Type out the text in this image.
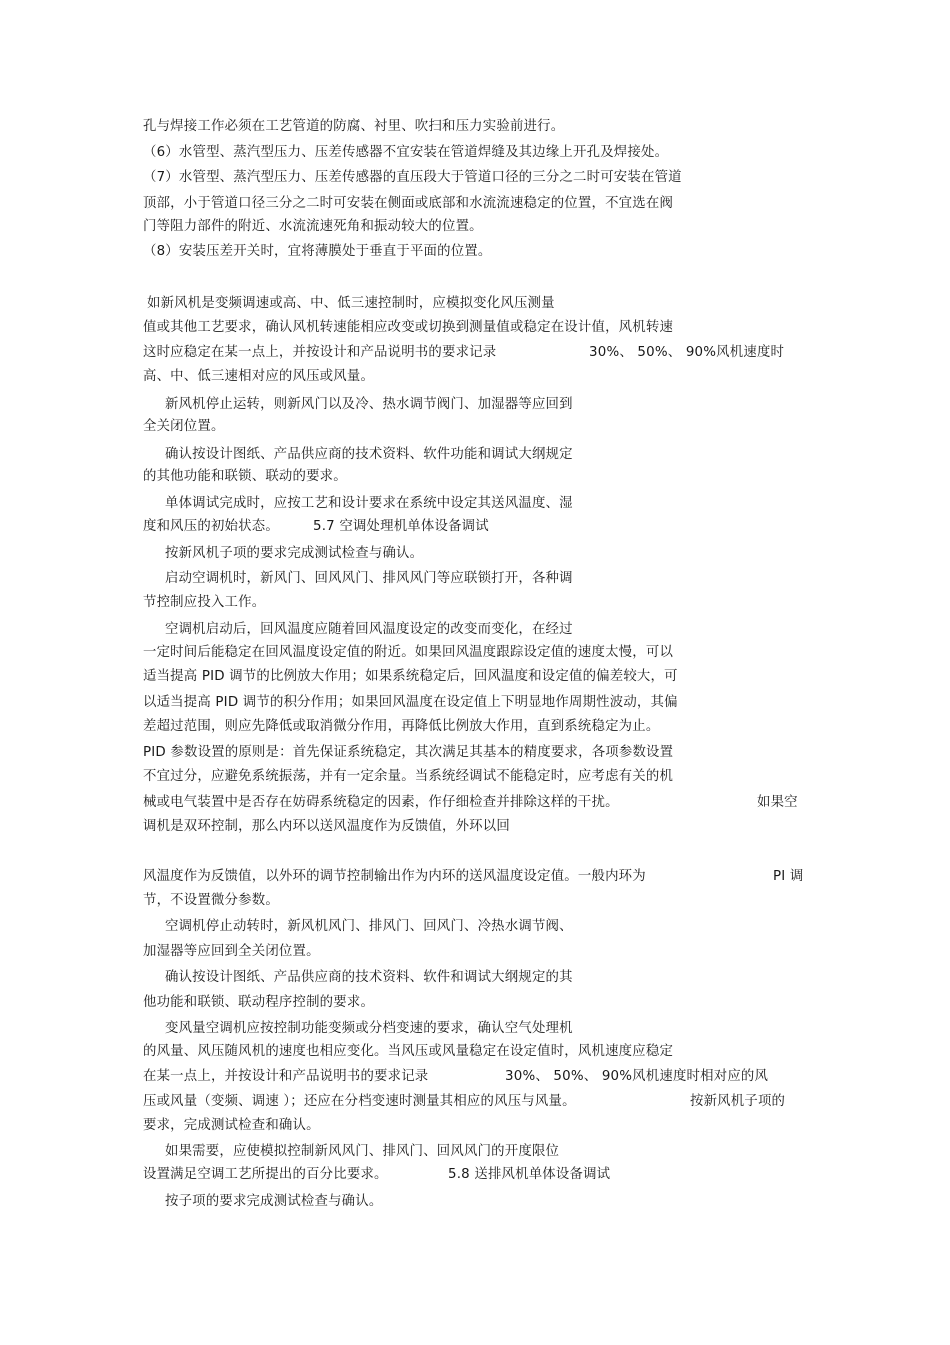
孔与焊接工作必须在工艺管道的防腐、衬里、吹扫和压力实验前进行。
（6）水管型、蒸汽型压力、压差传感器不宜安装在管道焊缝及其边缘上开孔及焊接处。
（7）水管型、蒸汽型压力、压差传感器的直压段大于管道口径的三分之二时可安装在管道
顶部，小于管道口径三分之二时可安装在侧面或底部和水流流速稳定的位置，不宜选在阀
门等阻力部件的附近、水流流速死角和振动较大的位置。
（8）安装压差开关时，宜将薄膜处于垂直于平面的位置。
如新风机是变频调速或高、中、低三速控制时，应模拟变化风压测量
值或其他工艺要求，确认风机转速能相应改变或切换到测量值或稳定在设计值，风机转速
这时应稳定在某一点上，并按设计和产品说明书的要求记录	30%、 50%、 90%风机速度时
高、中、低三速相对应的风压或风量。
新风机停止运转，则新风门以及冷、热水调节阀门、加湿器等应回到
全关闭位置。
确认按设计图纸、产品供应商的技术资料、软件功能和调试大纲规定
的其他功能和联锁、联动的要求。
单体调试完成时，应按工艺和设计要求在系统中设定其送风温度、湿
度和风压的初始状态。	5.7 空调处理机单体设备调试
按新风机子项的要求完成测试检查与确认。
启动空调机时，新风门、回风风门、排风风门等应联锁打开，各种调
节控制应投入工作。
空调机启动后，回风温度应随着回风温度设定的改变而变化，在经过
一定时间后能稳定在回风温度设定值的附近。如果回风温度跟踪设定值的速度太慢，可以
适当提高 PID 调节的比例放大作用；如果系统稳定后，回风温度和设定值的偏差较大，可
以适当提高 PID 调节的积分作用；如果回风温度在设定值上下明显地作周期性波动，其偏
差超过范围，则应先降低或取消微分作用，再降低比例放大作用，直到系统稳定为止。
PID 参数设置的原则是：首先保证系统稳定，其次满足其基本的精度要求，各项参数设置
不宜过分，应避免系统振荡，并有一定余量。当系统经调试不能稳定时，应考虑有关的机
械或电气装置中是否存在妨碍系统稳定的因素，作仔细检查并排除这样的干扰。	如果空
调机是双环控制，那么内环以送风温度作为反馈值，外环以回
风温度作为反馈值，以外环的调节控制输出作为内环的送风温度设定值。一般内环为	PI 调
节，不设置微分参数。
空调机停止动转时，新风机风门、排风门、回风门、冷热水调节阀、
加湿器等应回到全关闭位置。
确认按设计图纸、产品供应商的技术资料、软件和调试大纲规定的其
他功能和联锁、联动程序控制的要求。
变风量空调机应按控制功能变频或分档变速的要求，确认空气处理机
的风量、风压随风机的速度也相应变化。当风压或风量稳定在设定值时，风机速度应稳定
在某一点上，并按设计和产品说明书的要求记录	30%、 50%、 90%风机速度时相对应的风
压或风量（变频、调速 ）；还应在分档变速时测量其相应的风压与风量。	按新风机子项的
要求，完成测试检查和确认。
如果需要，应使模拟控制新风风门、排风门、回风风门的开度限位
设置满足空调工艺所提出的百分比要求。	5.8 送排风机单体设备调试
按子项的要求完成测试检查与确认。
